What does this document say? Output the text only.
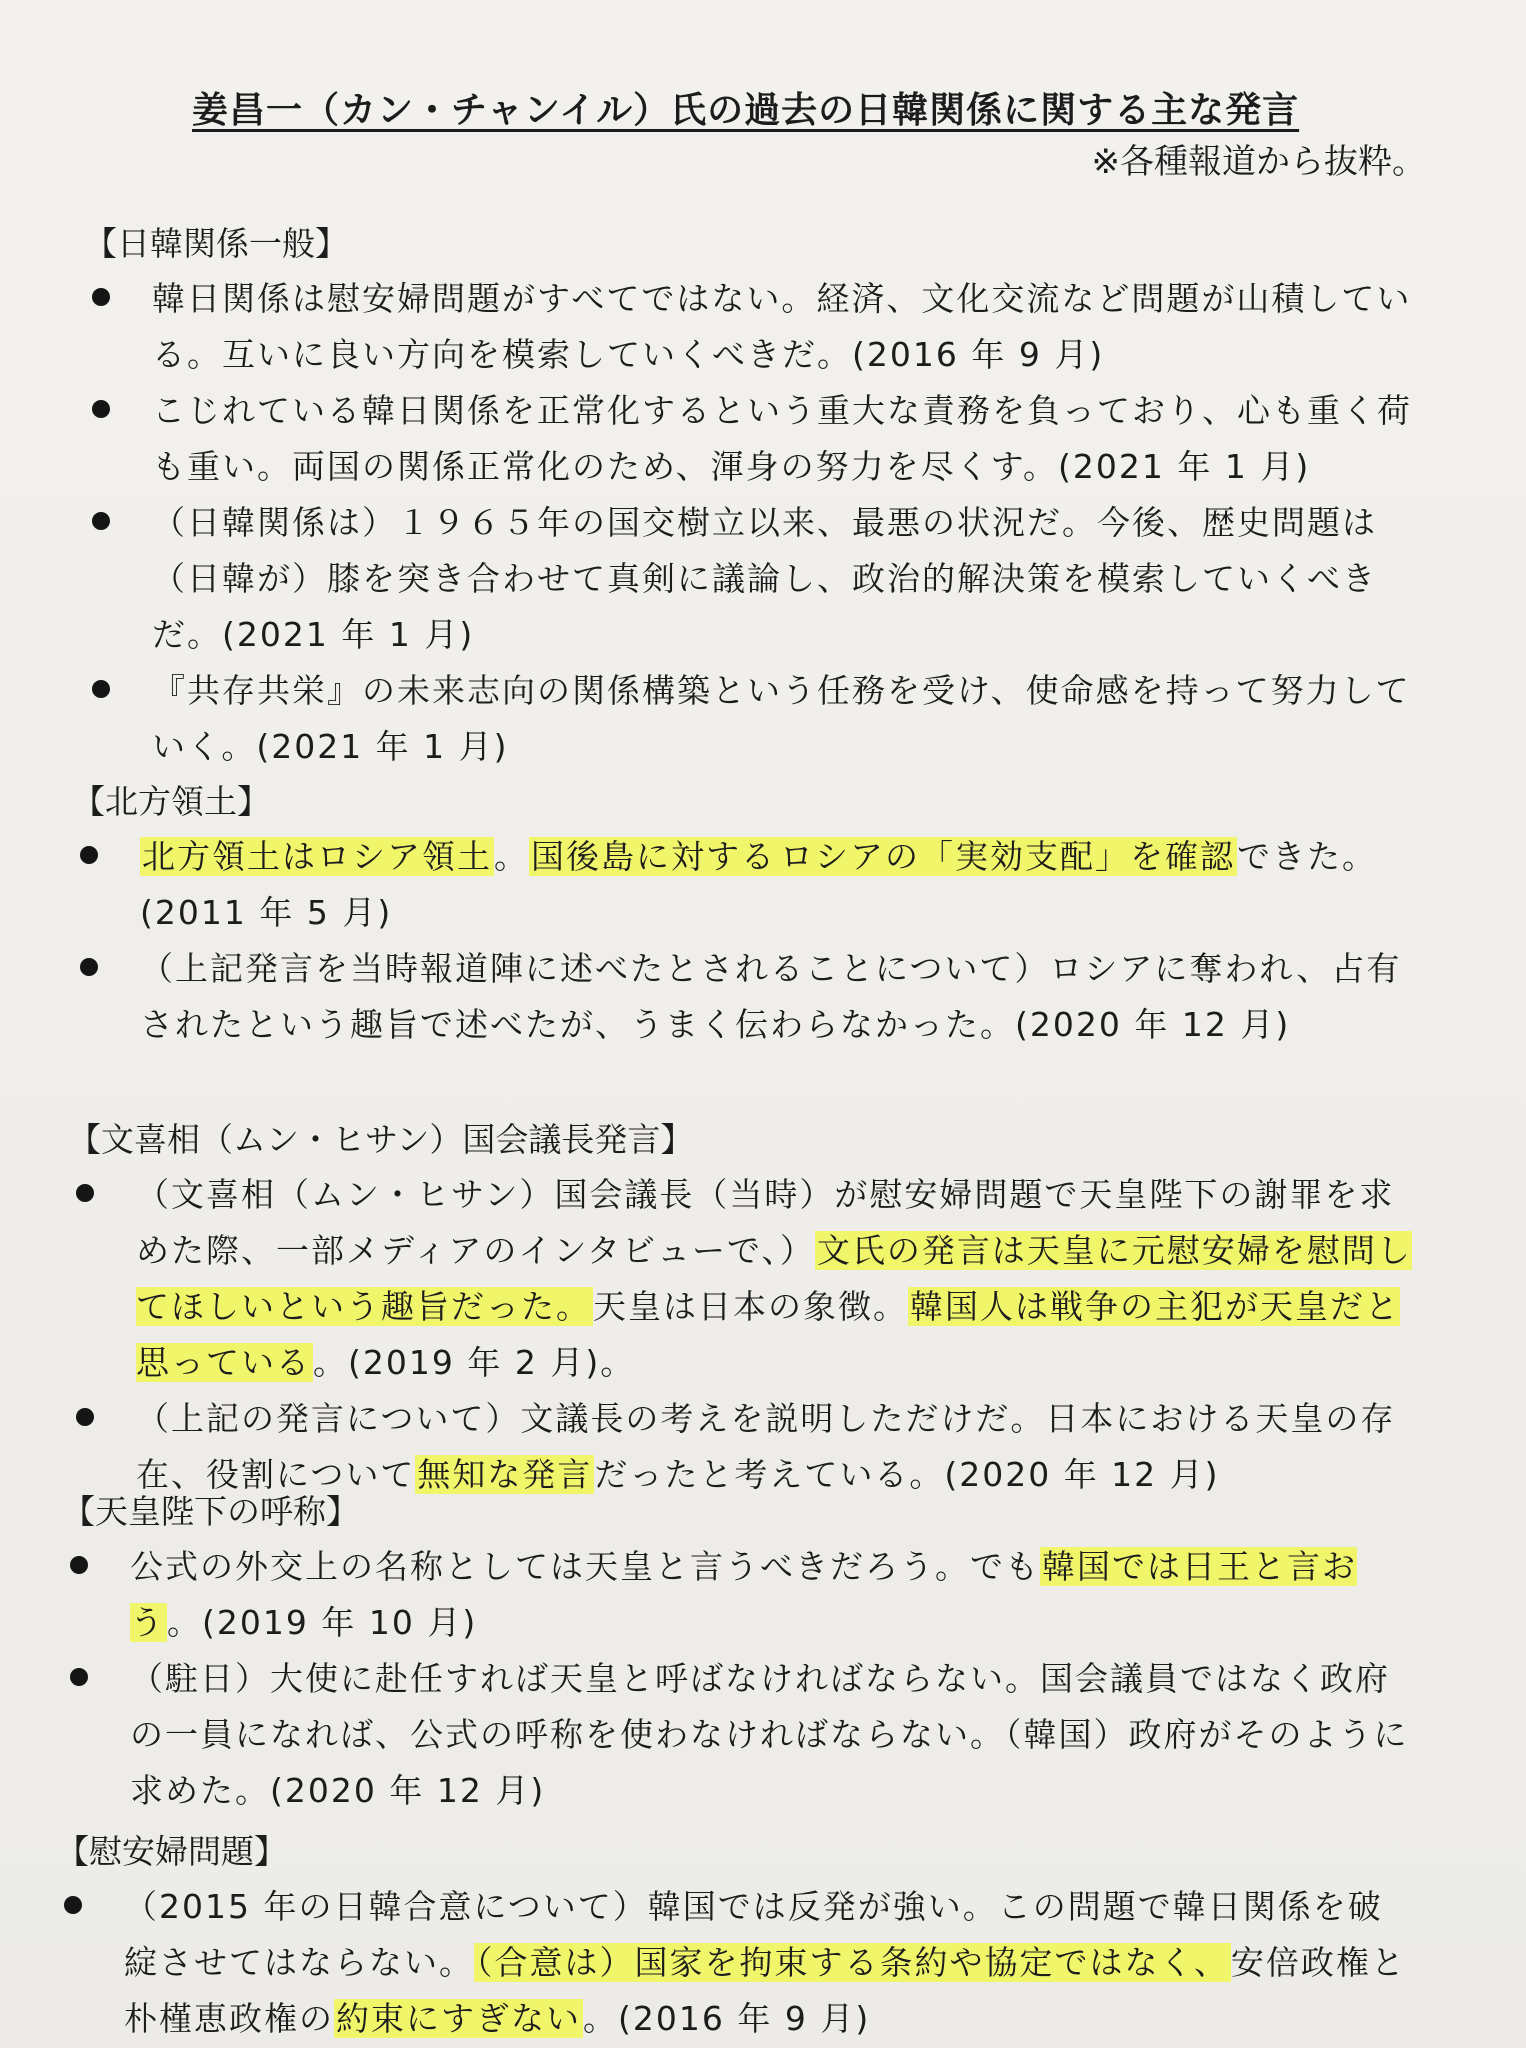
姜昌一（カン・チャンイル）氏の過去の日韓関係に関する主な発言
※各種報道から抜粋。
【日韓関係一般】
韓日関係は慰安婦問題がすべてではない。経済、文化交流など問題が山積している。互いに良い方向を模索していくべきだ。(2016 年 9 月)
こじれている韓日関係を正常化するという重大な責務を負っており、心も重く荷も重い。両国の関係正常化のため、渾身の努力を尽くす。(2021 年 1 月)
（日韓関係は）１９６５年の国交樹立以来、最悪の状況だ。今後、歴史問題は（日韓が）膝を突き合わせて真剣に議論し、政治的解決策を模索していくべきだ。(2021 年 1 月)
『共存共栄』の未来志向の関係構築という任務を受け、使命感を持って努力していく。(2021 年 1 月)
【北方領土】
北方領土はロシア領土。国後島に対する ロシアの「実効支配」を確認できた。(2011 年 5 月)
（上記発言を当時報道陣に述べたとされることについて）ロシアに奪われ、占有されたという趣旨で述べたが、うまく伝わらなかった。(2020 年 12 月)
【文喜相（ムン・ヒサン）国会議長発言】
（文喜相（ムン・ヒサン）国会議長（当時）が慰安婦問題で天皇陛下の謝罪を求めた際、一部メディアのインタビューで、）文氏の発言は天皇に元慰安婦を慰問してほしいという趣旨だった。天皇は日本の象徴。韓国人は戦争の主犯が天皇だと思っている。(2019 年 2 月)。
（上記の発言について）文議長の考えを説明しただけだ。日本における天皇の存在、役割について無知な発言だったと考えている。(2020 年 12 月)
【天皇陛下の呼称】
公式の外交上の名称としては天皇と言うべきだろう。でも韓国では日王と言おう。(2019 年 10 月)
（駐日）大使に赴任すれば天皇と呼ばなければならない。国会議員ではなく政府の一員になれば、公式の呼称を使わなければならない。（韓国）政府がそのように求めた。(2020 年 12 月)
【慰安婦問題】
（2015 年の日韓合意について）韓国では反発が強い。この問題で韓日関係を破綻させてはならない。（合意は）国家を拘束する条約や協定ではなく、安倍政権と朴槿恵政権の約束にすぎない。(2016 年 9 月)
